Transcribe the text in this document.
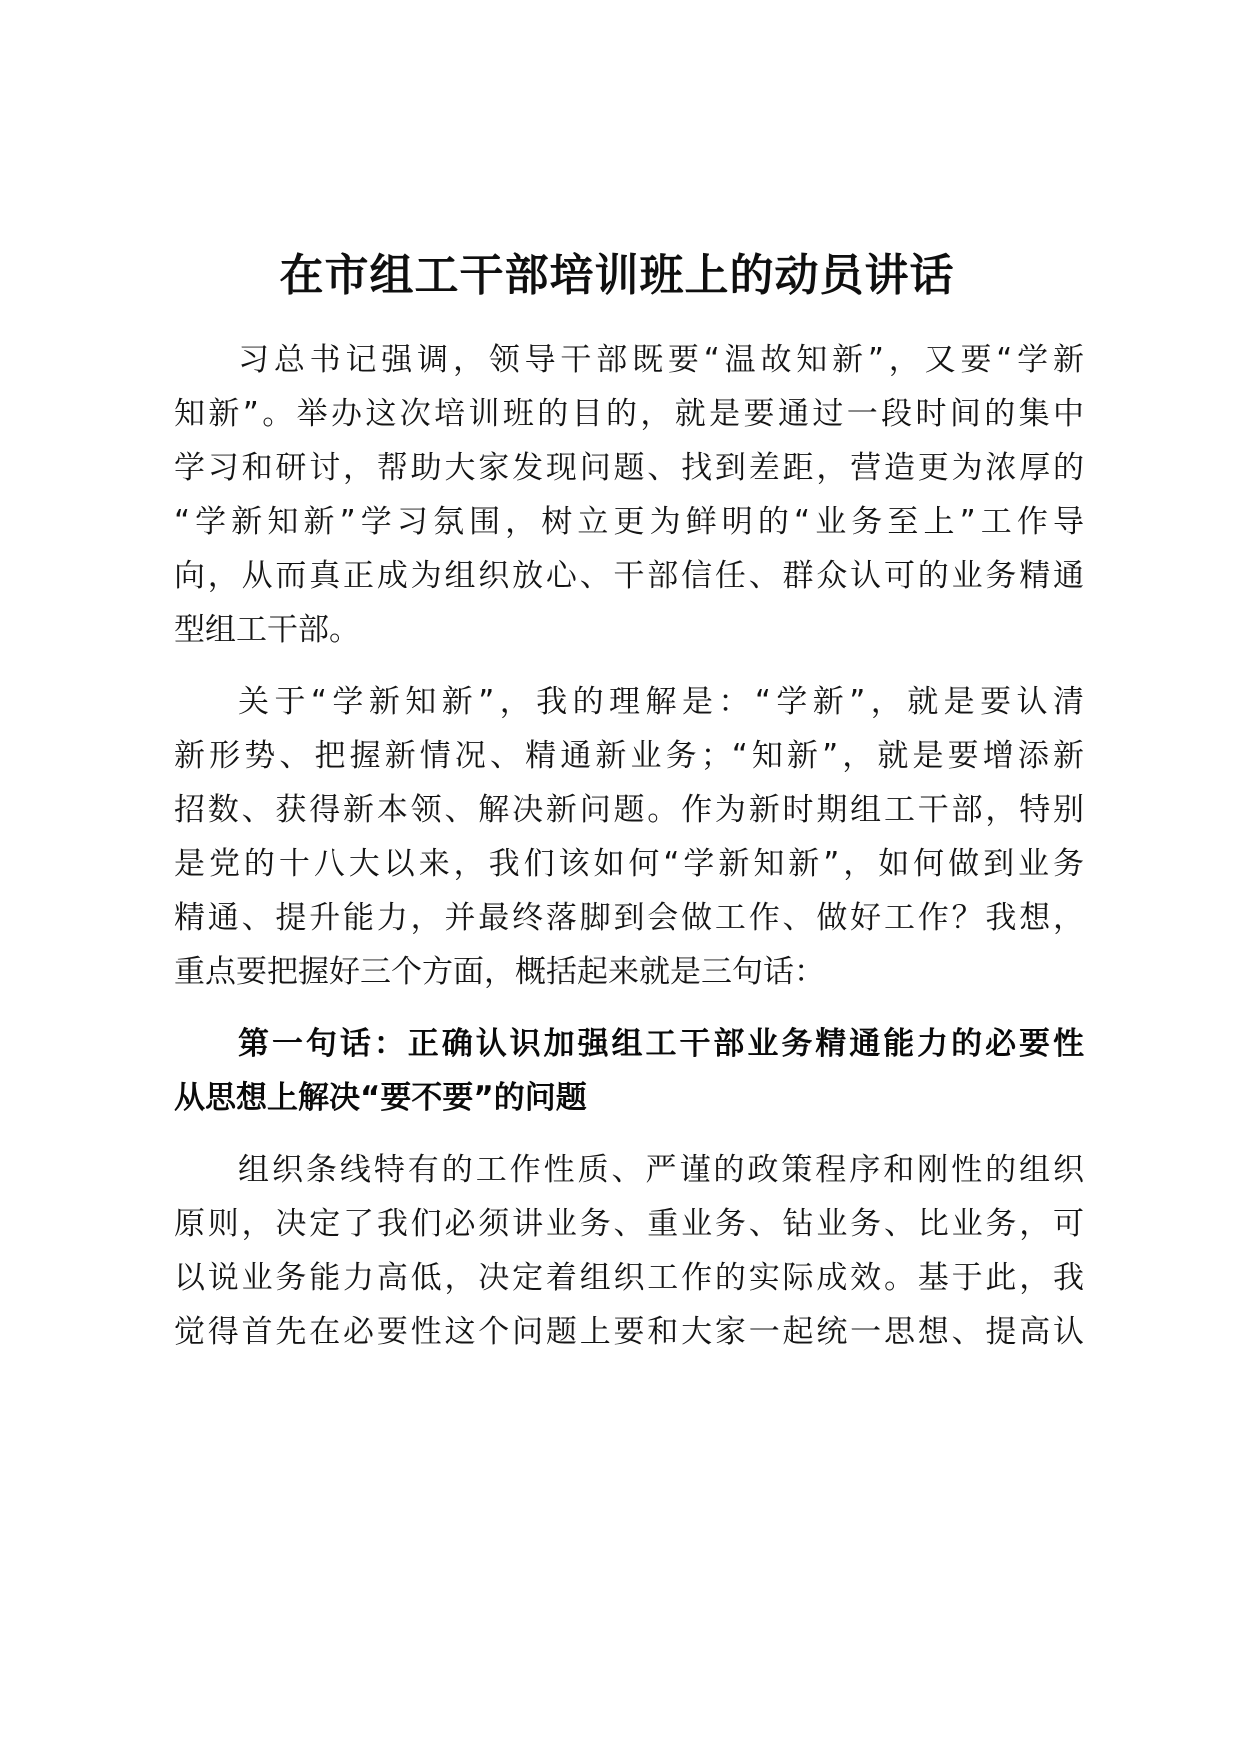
在市组工干部培训班上的动员讲话
习总书记强调，领导干部既要“温故知新”，又要“学新
知新”。举办这次培训班的目的，就是要通过一段时间的集中
学习和研讨，帮助大家发现问题、找到差距，营造更为浓厚的
“学新知新”学习氛围，树立更为鲜明的“业务至上”工作导
向，从而真正成为组织放心、干部信任、群众认可的业务精通
型组工干部。
关于“学新知新”，我的理解是：“学新”，就是要认清
新形势、把握新情况、精通新业务；“知新”，就是要增添新
招数、获得新本领、解决新问题。作为新时期组工干部，特别
是党的十八大以来，我们该如何“学新知新”，如何做到业务
精通、提升能力，并最终落脚到会做工作、做好工作？我想，
重点要把握好三个方面，概括起来就是三句话：
第一句话：正确认识加强组工干部业务精通能力的必要性
从思想上解决“要不要”的问题
组织条线特有的工作性质、严谨的政策程序和刚性的组织
原则，决定了我们必须讲业务、重业务、钻业务、比业务，可
以说业务能力高低，决定着组织工作的实际成效。基于此，我
觉得首先在必要性这个问题上要和大家一起统一思想、提高认
